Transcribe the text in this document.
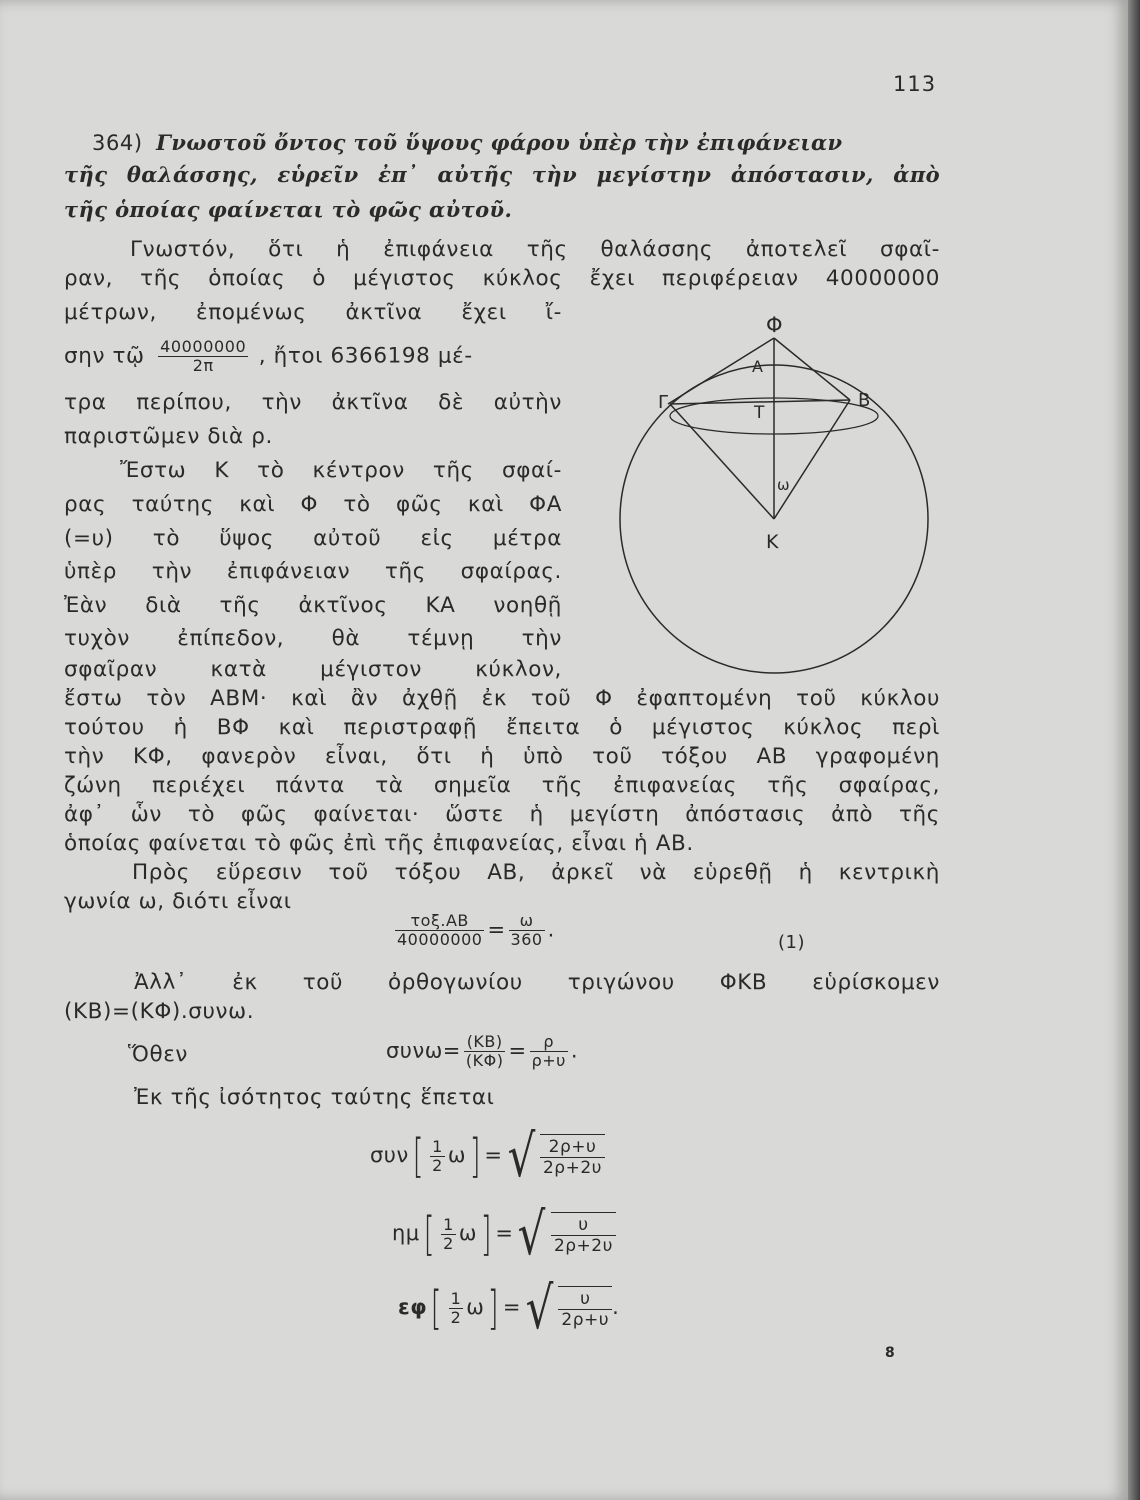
113
364) Γνωστοῦ ὄντος τοῦ ὕψους φάρου ὑπὲρ τὴν ἐπιφάνειαν
τῆς θαλάσσης, εὑρεῖν ἐπ᾿ αὐτῆς τὴν μεγίστην ἀπόστασιν, ἀπὸ
τῆς ὁποίας φαίνεται τὸ φῶς αὐτοῦ.
Γνωστόν, ὅτι ἡ ἐπιφάνεια τῆς θαλάσσης ἀποτελεῖ σφαῖ-
ραν, τῆς ὁποίας ὁ μέγιστος κύκλος ἔχει περιφέρειαν 40000000
μέτρων, ἐπομένως ἀκτῖνα ἔχει ἴ-
σην τῷ $\frac{40000000}{2\pi}$ , ἤτοι 6366198 μέ-
τρα περίπου, τὴν ἀκτῖνα δὲ αὐτὴν
παριστῶμεν διὰ ρ.
Ἔστω Κ τὸ κέντρον τῆς σφαί-
ρας ταύτης καὶ Φ τὸ φῶς καὶ ΦΑ
(=υ) τὸ ὕψος αὐτοῦ εἰς μέτρα
ὑπὲρ τὴν ἐπιφάνειαν τῆς σφαίρας.
Ἐὰν διὰ τῆς ἀκτῖνος ΚΑ νοηθῇ
τυχὸν ἐπίπεδον, θὰ τέμνῃ τὴν
σφαῖραν κατὰ μέγιστον κύκλον,
ἔστω τὸν ΑΒΜ· καὶ ἂν ἀχθῇ ἐκ τοῦ Φ ἐφαπτομένη τοῦ κύκλου
τούτου ἡ ΒΦ καὶ περιστραφῇ ἔπειτα ὁ μέγιστος κύκλος περὶ
τὴν ΚΦ, φανερὸν εἶναι, ὅτι ἡ ὑπὸ τοῦ τόξου ΑΒ γραφομένη
ζώνη περιέχει πάντα τὰ σημεῖα τῆς ἐπιφανείας τῆς σφαίρας,
ἀφ᾿ ὧν τὸ φῶς φαίνεται· ὥστε ἡ μεγίστη ἀπόστασις ἀπὸ τῆς
ὁποίας φαίνεται τὸ φῶς ἐπὶ τῆς ἐπιφανείας, εἶναι ἡ ΑΒ.
Πρὸς εὕρεσιν τοῦ τόξου ΑΒ, ἀρκεῖ νὰ εὑρεθῇ ἡ κεντρικὴ
γωνία ω, διότι εἶναι
$\frac{\text{τοξ.ΑΒ}}{40000000} = \frac{\omega}{360}$ .
(1)
Ἀλλ᾿ ἐκ τοῦ ὀρθογωνίου τριγώνου ΦΚΒ εὑρίσκομεν
(ΚΒ)=(ΚΦ).συνω.
Ὅθεν	$\sigma\upsilon\nu\omega= \frac{(KB)}{(K\Phi)} = \frac{\rho}{\rho+\upsilon}$ .
Ἐκ τῆς ἰσότητος ταύτης ἕπεται
$\sigma\upsilon\nu[ \frac{1}{2} \omega]$ =√ $\frac{2\rho+\upsilon}{2\rho+2\upsilon}$
$\eta\mu[ \frac{1}{2} \omega]$ =√ $\frac{\upsilon}{2\rho+2\upsilon}$
$\varepsilon\varphi[ \frac{1}{2} \omega]$ =√ $\frac{\upsilon}{2\rho+\upsilon}$ .
8
Φ
Α
Β
Γ	Τ
ω
Κ
